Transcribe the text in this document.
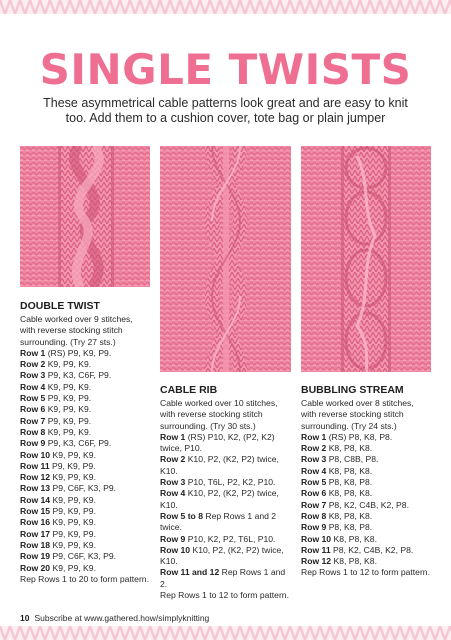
SINGLE TWISTS
These asymmetrical cable patterns look great and are easy to knit
too. Add them to a cushion cover, tote bag or plain jumper
DOUBLE TWIST

Cable worked over 9 stitches,

with reverse stocking stitch

surrounding. (Try 27 sts.)

Row 1 (RS) P9, K9, P9.

Row 2 K9, P9, K9.

Row 3 P9, K3, C6F, P9.

Row 4 K9, P9, K9.

Row 5 P9, K9, P9.

Row 6 K9, P9, K9.

Row 7 P9, K9, P9.

Row 8 K9, P9, K9.

Row 9 P9, K3, C6F, P9.

Row 10 K9, P9, K9.

Row 11 P9, K9, P9.

Row 12 K9, P9, K9.

Row 13 P9, C6F, K3, P9.

Row 14 K9, P9, K9.

Row 15 P9, K9, P9.

Row 16 K9, P9, K9.

Row 17 P9, K9, P9.

Row 18 K9, P9, K9.

Row 19 P9, C6F, K3, P9.

Row 20 K9, P9, K9.

Rep Rows 1 to 20 to form pattern.

CABLE RIB

Cable worked over 10 stitches,

with reverse stocking stitch

surrounding. (Try 30 sts.)

Row 1 (RS) P10, K2, (P2, K2)

twice, P10.

Row 2 K10, P2, (K2, P2) twice,

K10.

Row 3 P10, T6L, P2, K2, P10.

Row 4 K10, P2, (K2, P2) twice,

K10.

Row 5 to 8 Rep Rows 1 and 2

twice.

Row 9 P10, K2, P2, T6L, P10.

Row 10 K10, P2, (K2, P2) twice,

K10.

Row 11 and 12 Rep Rows 1 and 2.

Rep Rows 1 to 12 to form pattern.

BUBBLING STREAM

Cable worked over 8 stitches,

with reverse stocking stitch

surrounding. (Try 24 sts.)

Row 1 (RS) P8, K8, P8.

Row 2 K8, P8, K8.

Row 3 P8, C8B, P8.

Row 4 K8, P8, K8.

Row 5 P8, K8, P8.

Row 6 K8, P8, K8.

Row 7 P8, K2, C4B, K2, P8.

Row 8 K8, P8, K8.

Row 9 P8, K8, P8.

Row 10 K8, P8, K8.

Row 11 P8, K2, C4B, K2, P8.

Row 12 K8, P8, K8.

Rep Rows 1 to 12 to form pattern.

10 Subscribe at www.gathered.how/simplyknitting
